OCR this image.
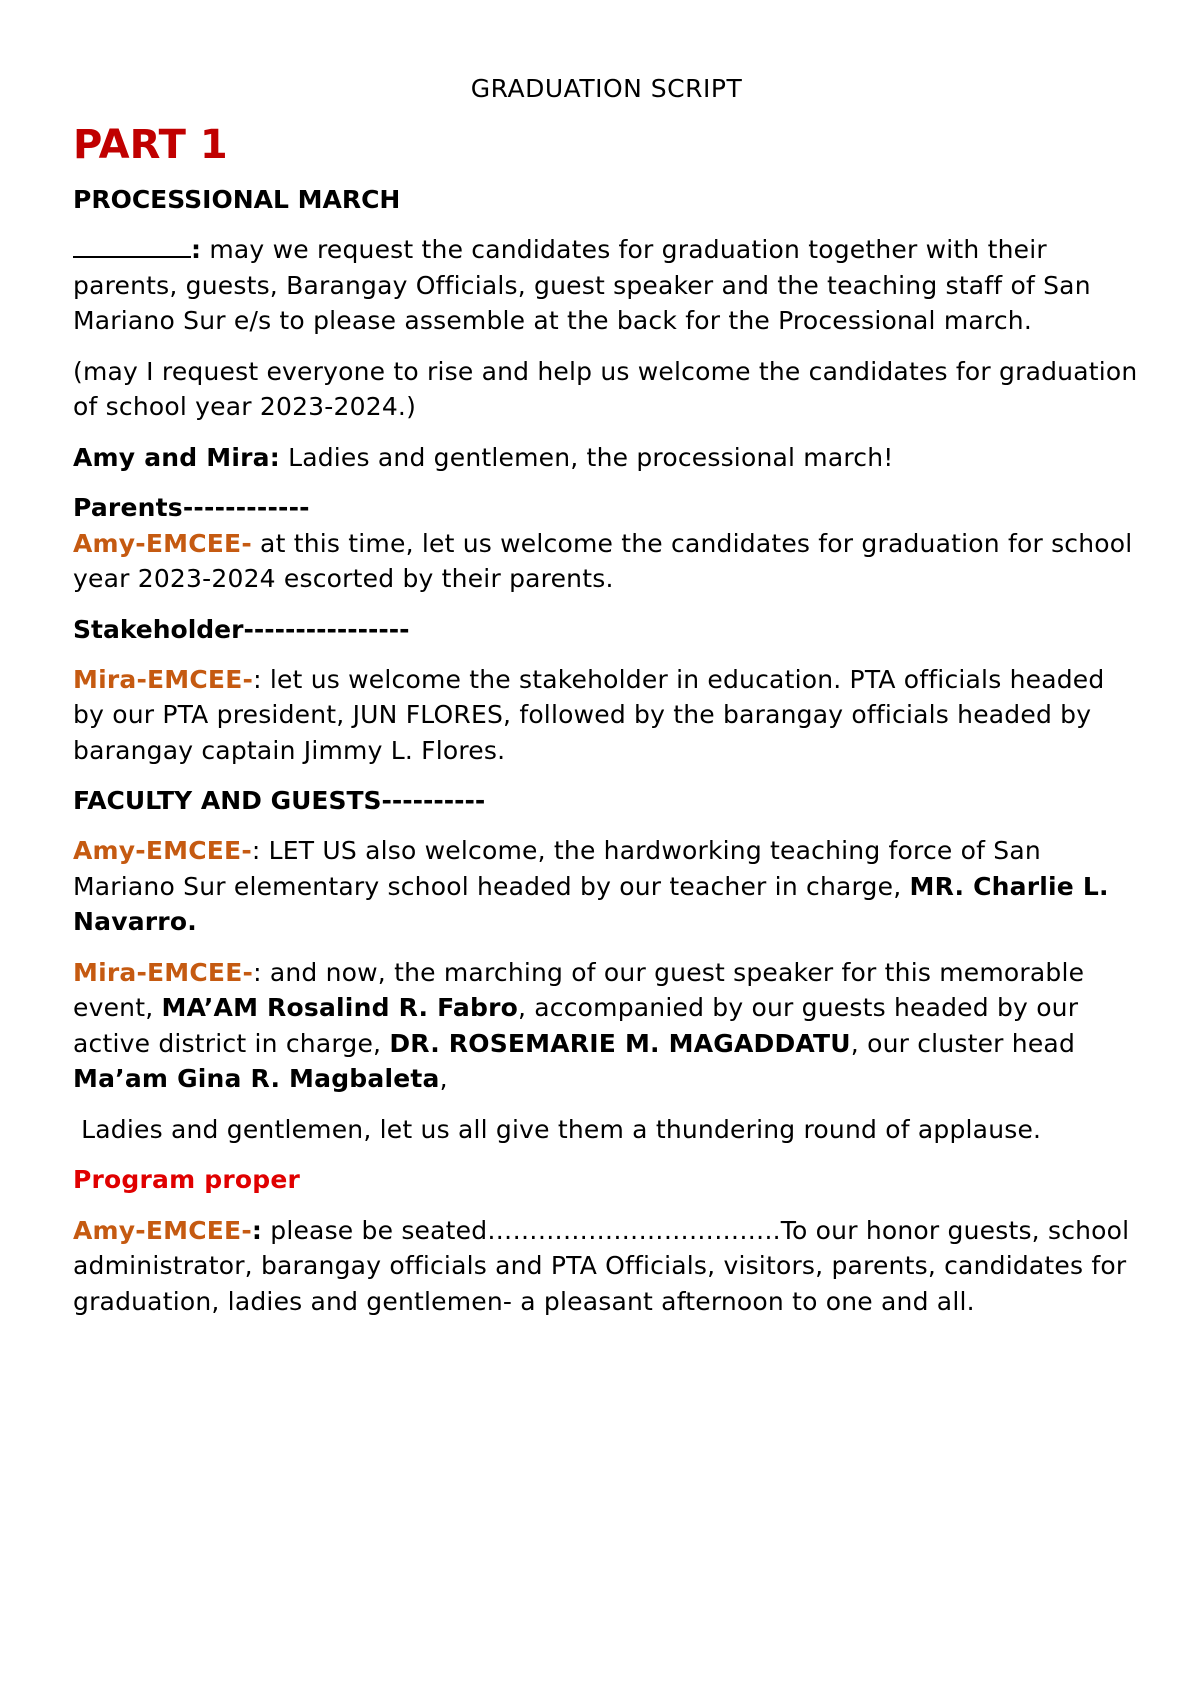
GRADUATION SCRIPT
PART 1
PROCESSIONAL MARCH

: may we request the candidates for graduation together with their parents, guests, Barangay Officials, guest speaker and the teaching staff of San Mariano Sur e/s to please assemble at the back for the Processional march.

(may I request everyone to rise and help us welcome the candidates for graduation of school year 2023-2024.)

Amy and Mira: Ladies and gentlemen, the processional march!

Parents------------

Amy-EMCEE- at this time, let us welcome the candidates for graduation for school year 2023-2024 escorted by their parents.

Stakeholder----------------

Mira-EMCEE-: let us welcome the stakeholder in education. PTA officials headed by our PTA president, JUN FLORES, followed by the barangay officials headed by barangay captain Jimmy L. Flores.

FACULTY AND GUESTS----------

Amy-EMCEE-: LET US also welcome, the hardworking teaching force of San Mariano Sur elementary school headed by our teacher in charge, MR. Charlie L. Navarro.

Mira-EMCEE-: and now, the marching of our guest speaker for this memorable event, MA’AM Rosalind R. Fabro, accompanied by our guests headed by our active district in charge, DR. ROSEMARIE M. MAGADDATU, our cluster head Ma’am Gina R. Magbaleta,

Ladies and gentlemen, let us all give them a thundering round of applause.

Program proper

Amy-EMCEE-: please be seated……………………………..To our honor guests, school administrator, barangay officials and PTA Officials, visitors, parents, candidates for graduation, ladies and gentlemen- a pleasant afternoon to one and all.
